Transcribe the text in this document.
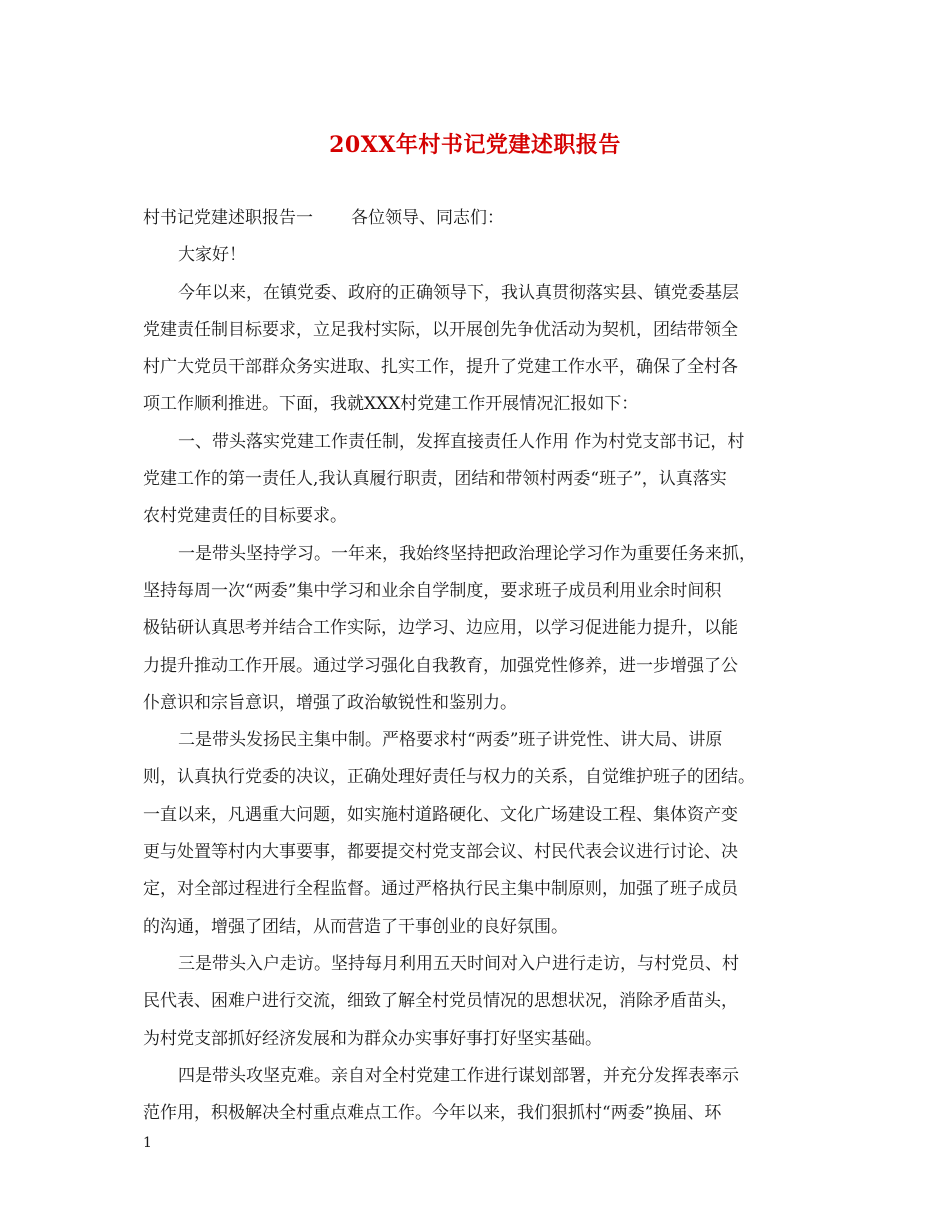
20XX年村书记党建述职报告
村书记党建述职报告一 各位领导、同志们：
大家好！
今年以来，在镇党委、政府的正确领导下，我认真贯彻落实县、镇党委基层
党建责任制目标要求，立足我村实际，以开展创先争优活动为契机，团结带领全
村广大党员干部群众务实进取、扎实工作，提升了党建工作水平，确保了全村各
项工作顺利推进。下面，我就XXX村党建工作开展情况汇报如下：
一、带头落实党建工作责任制，发挥直接责任人作用 作为村党支部书记，村
党建工作的第一责任人,我认真履行职责，团结和带领村两委“班子”，认真落实
农村党建责任的目标要求。
一是带头坚持学习。一年来，我始终坚持把政治理论学习作为重要任务来抓，
坚持每周一次“两委”集中学习和业余自学制度，要求班子成员利用业余时间积
极钻研认真思考并结合工作实际，边学习、边应用，以学习促进能力提升，以能
力提升推动工作开展。通过学习强化自我教育，加强党性修养，进一步增强了公
仆意识和宗旨意识，增强了政治敏锐性和鉴别力。
二是带头发扬民主集中制。严格要求村“两委”班子讲党性、讲大局、讲原
则，认真执行党委的决议，正确处理好责任与权力的关系，自觉维护班子的团结。
一直以来，凡遇重大问题，如实施村道路硬化、文化广场建设工程、集体资产变
更与处置等村内大事要事，都要提交村党支部会议、村民代表会议进行讨论、决
定，对全部过程进行全程监督。通过严格执行民主集中制原则，加强了班子成员
的沟通，增强了团结，从而营造了干事创业的良好氛围。
三是带头入户走访。坚持每月利用五天时间对入户进行走访，与村党员、村
民代表、困难户进行交流，细致了解全村党员情况的思想状况，消除矛盾苗头，
为村党支部抓好经济发展和为群众办实事好事打好坚实基础。
四是带头攻坚克难。亲自对全村党建工作进行谋划部署，并充分发挥表率示
范作用，积极解决全村重点难点工作。今年以来，我们狠抓村“两委”换届、环
1
